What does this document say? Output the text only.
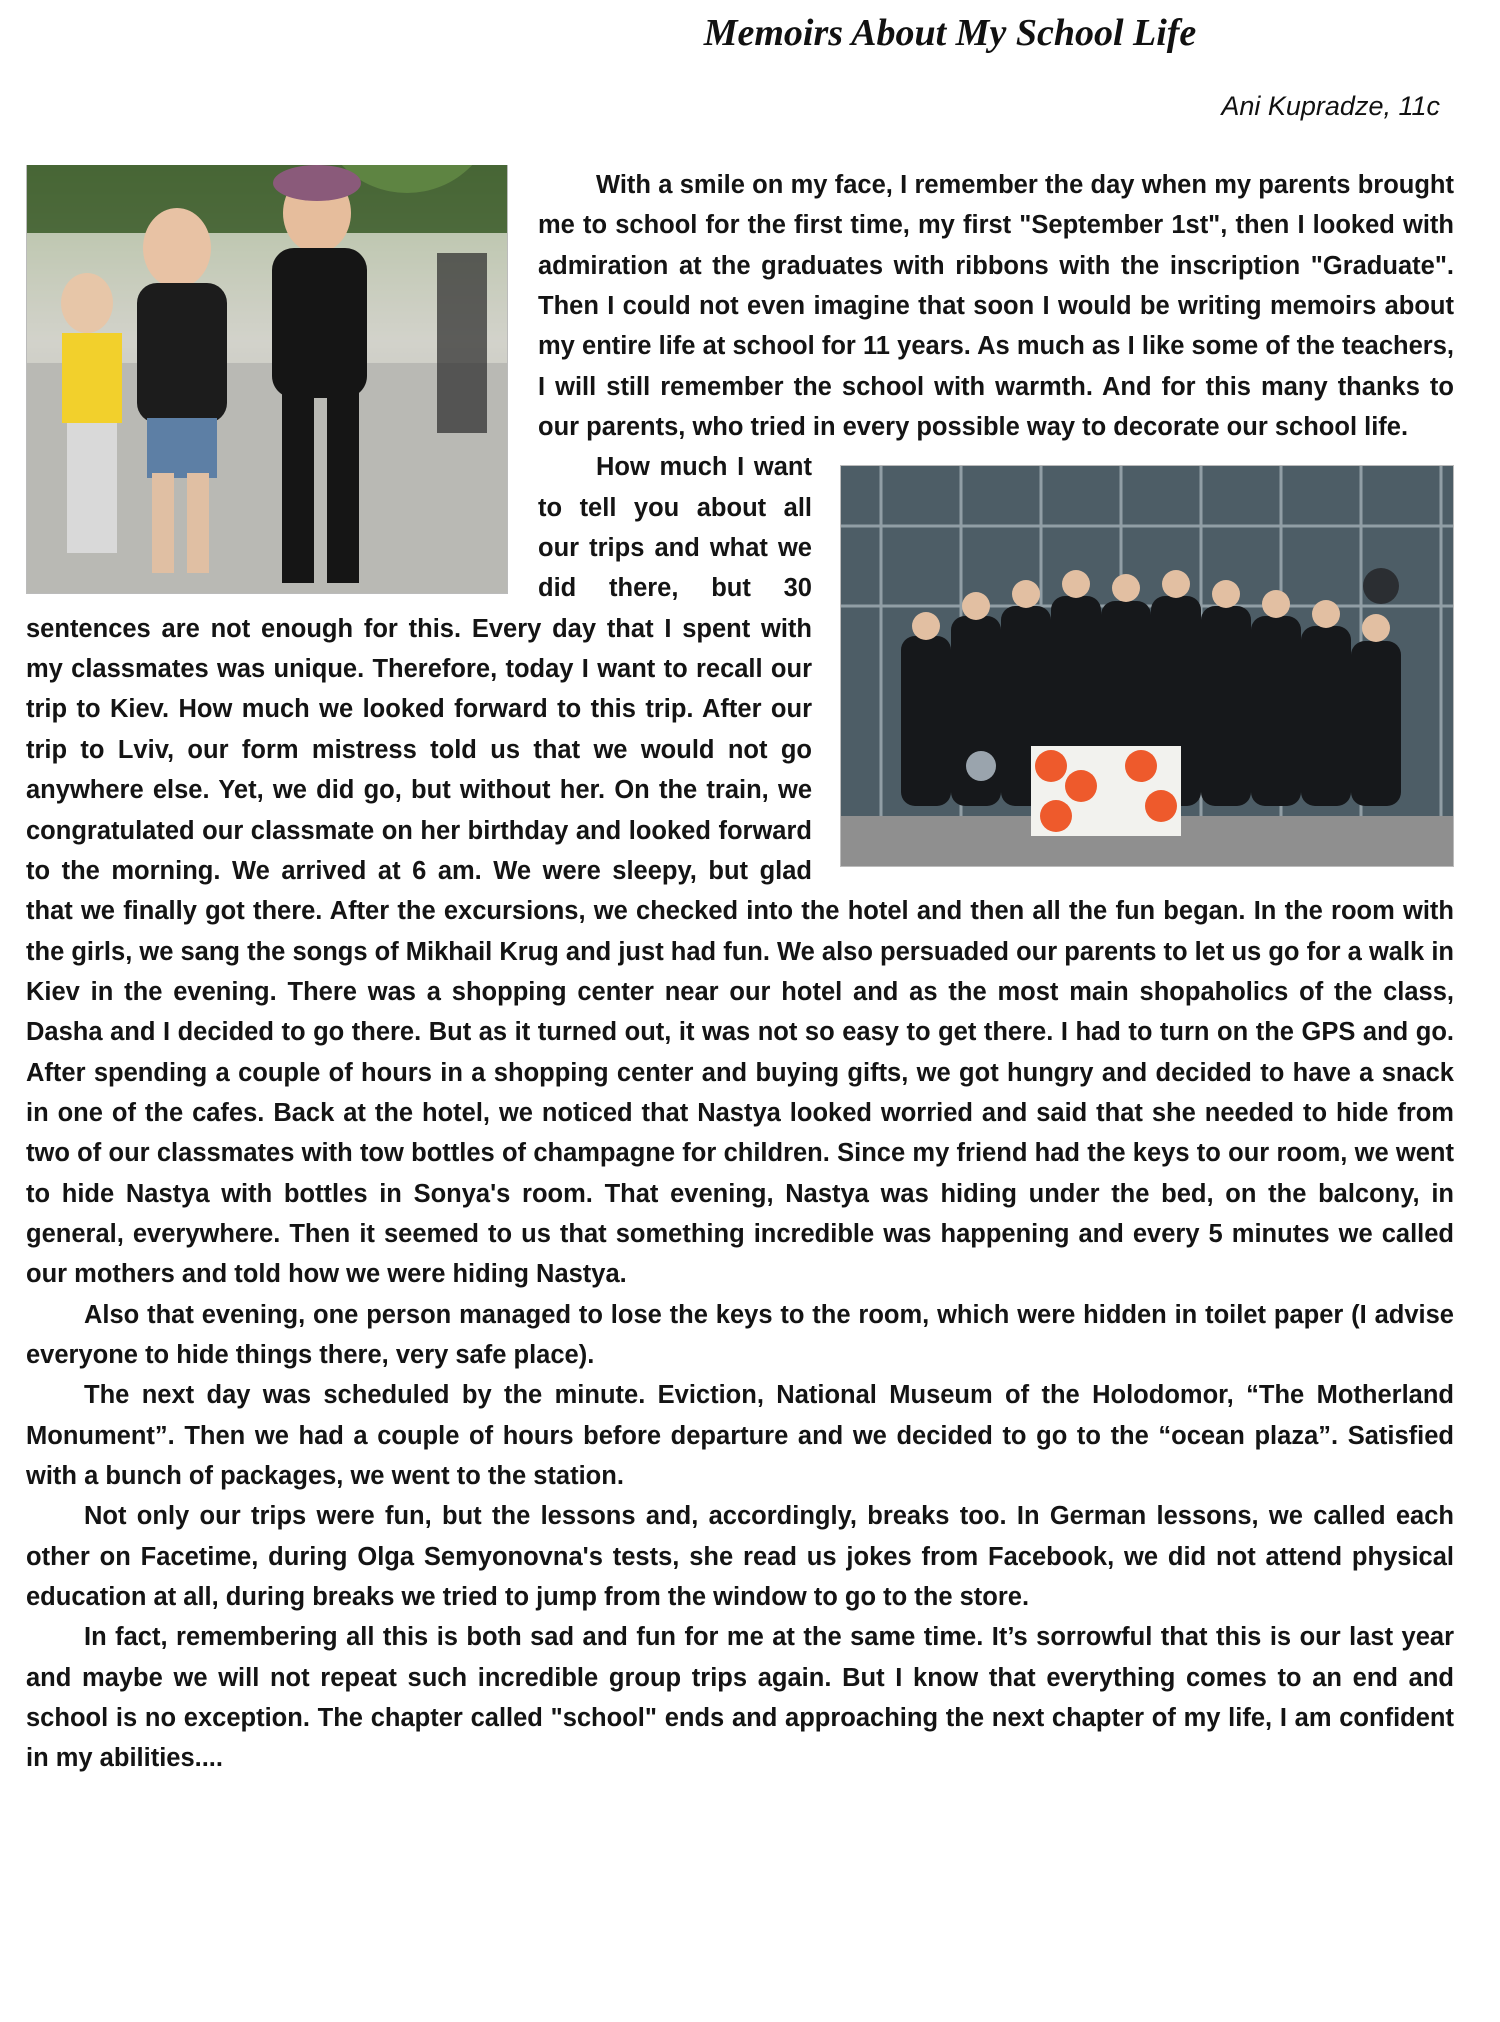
Memoirs About My School Life
Ani Kupradze, 11c

With a smile on my face, I remember the day when my parents brought me to school for the first time, my first "September 1st", then I looked with admiration at the graduates with ribbons with the inscription "Graduate". Then I could not even imagine that soon I would be writing memoirs about my entire life at school for 11 years. As much as I like some of the teachers, I will still remember the school with warmth. And for this many thanks to our parents, who tried in every possible way to decorate our school life.

How much I want to tell you about all our trips and what we did there, but 30 sentences are not enough for this. Every day that I spent with my classmates was unique. Therefore, today I want to recall our trip to Kiev. How much we looked forward to this trip. After our trip to Lviv, our form mistress told us that we would not go anywhere else. Yet, we did go, but without her. On the train, we congratulated our classmate on her birthday and looked forward to the morning. We arrived at 6 am. We were sleepy, but glad that we finally got there. After the excursions, we checked into the hotel and then all the fun began. In the room with the girls, we sang the songs of Mikhail Krug and just had fun. We also persuaded our parents to let us go for a walk in Kiev in the evening. There was a shopping center near our hotel and as the most main shopaholics of the class, Dasha and I decided to go there. But as it turned out, it was not so easy to get there. I had to turn on the GPS and go. After spending a couple of hours in a shopping center and buying gifts, we got hungry and decided to have a snack in one of the cafes. Back at the hotel, we noticed that Nastya looked worried and said that she needed to hide from two of our classmates with tow bottles of champagne for children. Since my friend had the keys to our room, we went to hide Nastya with bottles in Sonya's room. That evening, Nastya was hiding under the bed, on the balcony, in general, everywhere. Then it seemed to us that something incredible was happening and every 5 minutes we called our mothers and told how we were hiding Nastya.

Also that evening, one person managed to lose the keys to the room, which were hidden in toilet paper (I advise everyone to hide things there, very safe place).

The next day was scheduled by the minute. Eviction, National Museum of the Holodomor, “The Motherland Monument”. Then we had a couple of hours before departure and we decided to go to the “ocean plaza”. Satisfied with a bunch of packages, we went to the station.

Not only our trips were fun, but the lessons and, accordingly, breaks too. In German lessons, we called each other on Facetime, during Olga Semyonovna's tests, she read us jokes from Facebook, we did not attend physical education at all, during breaks we tried to jump from the window to go to the store.

In fact, remembering all this is both sad and fun for me at the same time. It’s sorrowful that this is our last year and maybe we will not repeat such incredible group trips again. But I know that everything comes to an end and school is no exception. The chapter called "school" ends and approaching the next chapter of my life, I am confident in my abilities....
